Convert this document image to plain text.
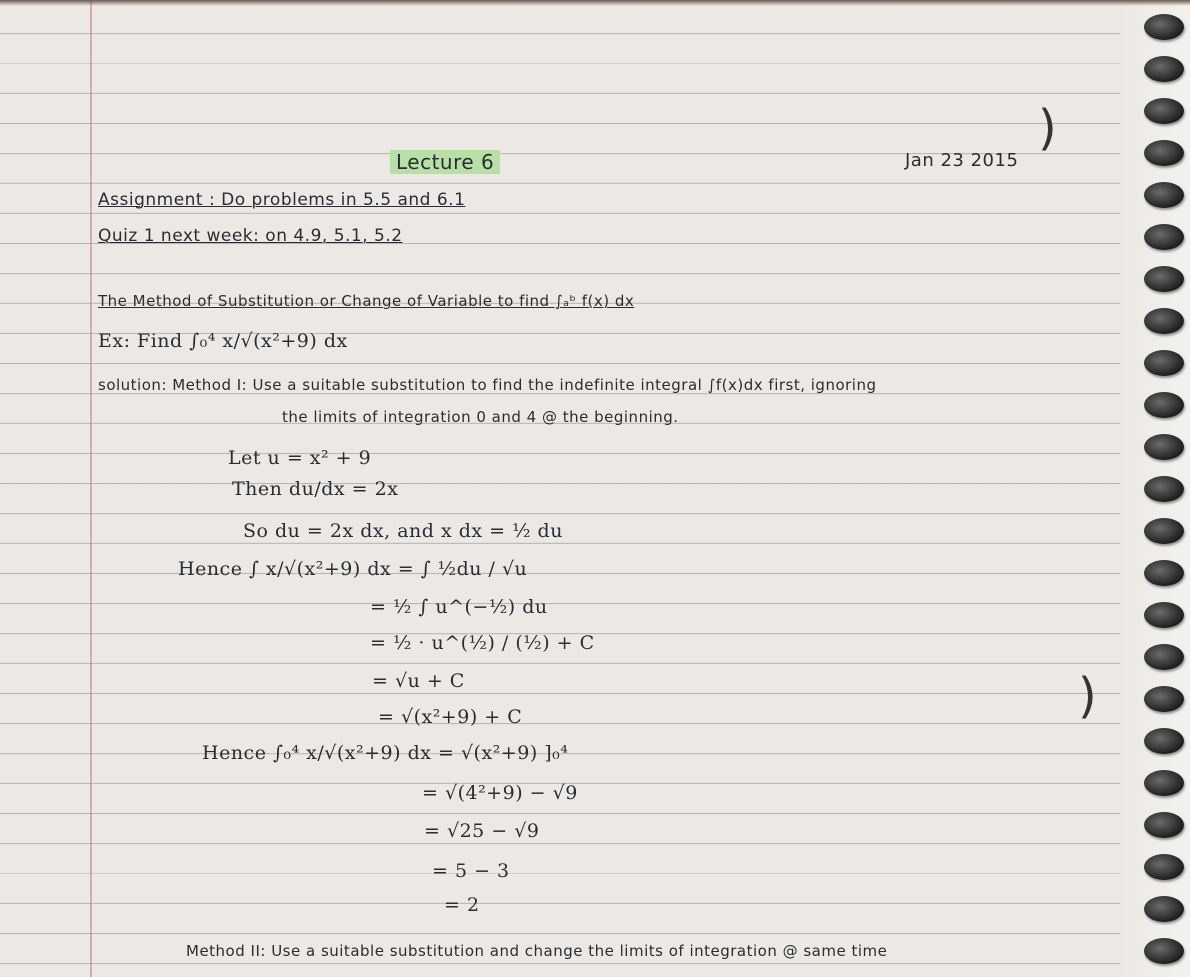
Lecture 6	Jan 23 2015
Assignment : Do problems in 5.5 and 6.1
Quiz 1 next week: on 4.9, 5.1, 5.2
The Method of Substitution or Change of Variable to find ∫ₐᵇ f(x) dx
Ex: Find ∫₀⁴ x/√(x²+9) dx
solution: Method I: Use a suitable substitution to find the indefinite integral ∫f(x)dx first, ignoring
the limits of integration 0 and 4 @ the beginning.
Let u = x² + 9
Then du/dx = 2x
So du = 2x dx, and x dx = ½ du
Hence ∫ x/√(x²+9) dx = ∫ ½du / √u
= ½ ∫ u^(−½) du
= ½ · u^(½) / (½) + C
= √u + C
= √(x²+9) + C
Hence ∫₀⁴ x/√(x²+9) dx = √(x²+9) ]₀⁴
= √(4²+9) − √9
= √25 − √9
= 5 − 3
= 2
Method II: Use a suitable substitution and change the limits of integration @ same time
)
)
